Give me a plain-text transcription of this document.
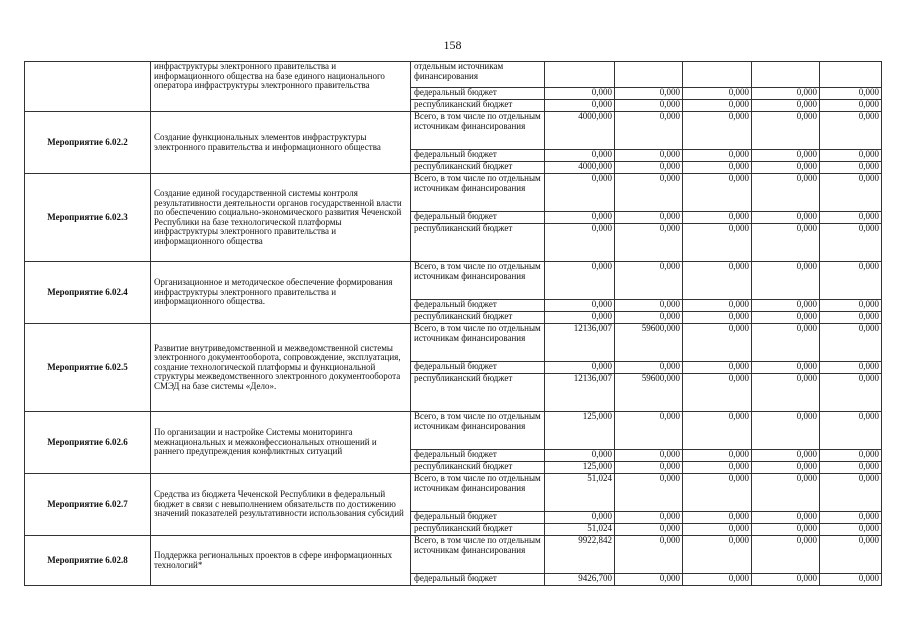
158
	инфраструктуры электронного правительства и информационного общества на базе единого национального оператора инфраструктуры электронного правительства	отдельным источникам финансирования					
		федеральный бюджет	0,000	0,000	0,000	0,000	0,000
		республиканский бюджет	0,000	0,000	0,000	0,000	0,000
Мероприятие 6.02.2	Создание функциональных элементов инфраструктуры электронного правительства и информационного общества	Всего, в том числе по отдельным источникам финансирования	4000,000	0,000	0,000	0,000	0,000
		федеральный бюджет	0,000	0,000	0,000	0,000	0,000
		республиканский бюджет	4000,000	0,000	0,000	0,000	0,000
Мероприятие 6.02.3	Создание единой государственной системы контроля результативности деятельности органов государственной власти по обеспечению социально-экономического развития Чеченской Республики на базе технологической платформы инфраструктуры электронного правительства и информационного общества	Всего, в том числе по отдельным источникам финансирования	0,000	0,000	0,000	0,000	0,000
		федеральный бюджет	0,000	0,000	0,000	0,000	0,000
		республиканский бюджет	0,000	0,000	0,000	0,000	0,000
Мероприятие 6.02.4	Организационное и методическое обеспечение формирования инфраструктуры электронного правительства и информационного общества.	Всего, в том числе по отдельным источникам финансирования	0,000	0,000	0,000	0,000	0,000
		федеральный бюджет	0,000	0,000	0,000	0,000	0,000
		республиканский бюджет	0,000	0,000	0,000	0,000	0,000
Мероприятие 6.02.5	Развитие внутриведомственной и межведомственной системы электронного документооборота, сопровождение, эксплуатация, создание технологической платформы и функциональной структуры межведомственного электронного документооборота СМЭД на базе системы «Дело».	Всего, в том числе по отдельным источникам финансирования	12136,007	59600,000	0,000	0,000	0,000
		федеральный бюджет	0,000	0,000	0,000	0,000	0,000
		республиканский бюджет	12136,007	59600,000	0,000	0,000	0,000
Мероприятие 6.02.6	По организации и настройке Системы мониторинга межнациональных и межконфессиональных отношений и раннего предупреждения конфликтных ситуаций	Всего, в том числе по отдельным источникам финансирования	125,000	0,000	0,000	0,000	0,000
		федеральный бюджет	0,000	0,000	0,000	0,000	0,000
		республиканский бюджет	125,000	0,000	0,000	0,000	0,000
Мероприятие 6.02.7	Средства из бюджета Чеченской Республики в федеральный бюджет в связи с невыполнением обязательств по достижению значений показателей результативности использования субсидий	Всего, в том числе по отдельным источникам финансирования	51,024	0,000	0,000	0,000	0,000
		федеральный бюджет	0,000	0,000	0,000	0,000	0,000
		республиканский бюджет	51,024	0,000	0,000	0,000	0,000
Мероприятие 6.02.8	Поддержка региональных проектов в сфере информационных технологий*	Всего, в том числе по отдельным источникам финансирования	9922,842	0,000	0,000	0,000	0,000
		федеральный бюджет	9426,700	0,000	0,000	0,000	0,000
